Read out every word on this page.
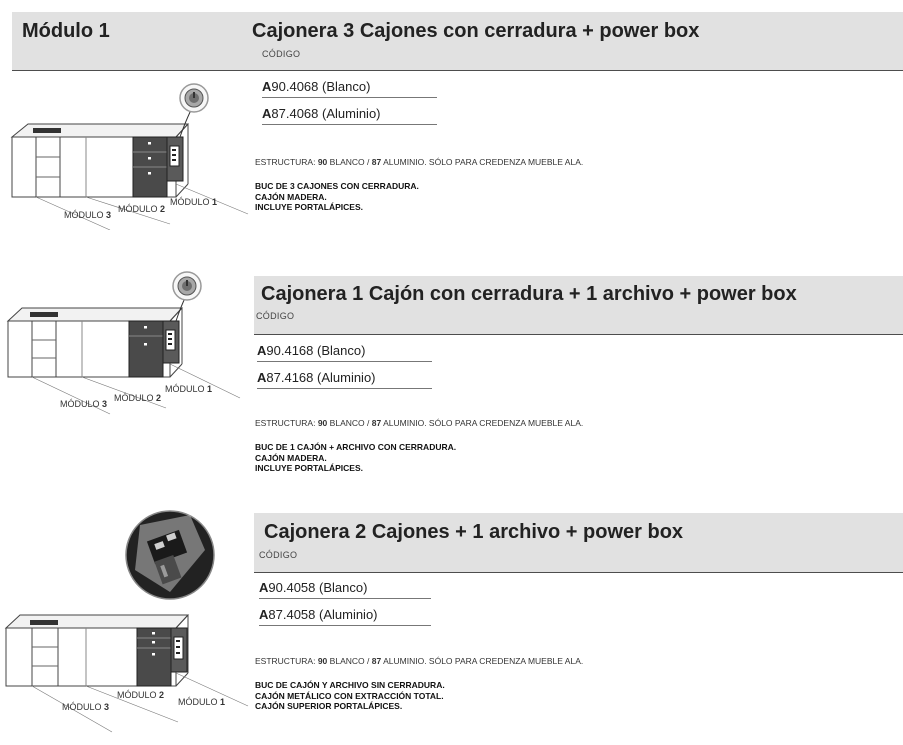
Módulo 1	Cajonera 3 Cajones con cerradura + power box
CÓDIGO
A90.4068 (Blanco)
A87.4068 (Aluminio)
ESTRUCTURA: 90 BLANCO / 87 ALUMINIO. SÓLO PARA CREDENZA MUEBLE ALA.
BUC DE 3 CAJONES CON CERRADURA.
CAJÓN MADERA.
INCLUYE PORTALÁPICES.
MÓDULO 3
MÓDULO 2
MÓDULO 1
Cajonera 1 Cajón con cerradura + 1 archivo + power box
CÓDIGO
A90.4168 (Blanco)
A87.4168 (Aluminio)
ESTRUCTURA: 90 BLANCO / 87 ALUMINIO. SÓLO PARA CREDENZA MUEBLE ALA.
BUC DE 1 CAJÓN + ARCHIVO CON CERRADURA.
CAJÓN MADERA.
INCLUYE PORTALÁPICES.
MÓDULO 3
MÓDULO 2
MÓDULO 1
Cajonera 2 Cajones + 1 archivo + power box
CÓDIGO
A90.4058 (Blanco)
A87.4058 (Aluminio)
ESTRUCTURA: 90 BLANCO / 87 ALUMINIO. SÓLO PARA CREDENZA MUEBLE ALA.
BUC DE CAJÓN Y ARCHIVO SIN CERRADURA.
CAJÓN METÁLICO CON EXTRACCIÓN TOTAL.
CAJÓN SUPERIOR PORTALÁPICES.
MÓDULO 3
MÓDULO 2
MÓDULO 1
